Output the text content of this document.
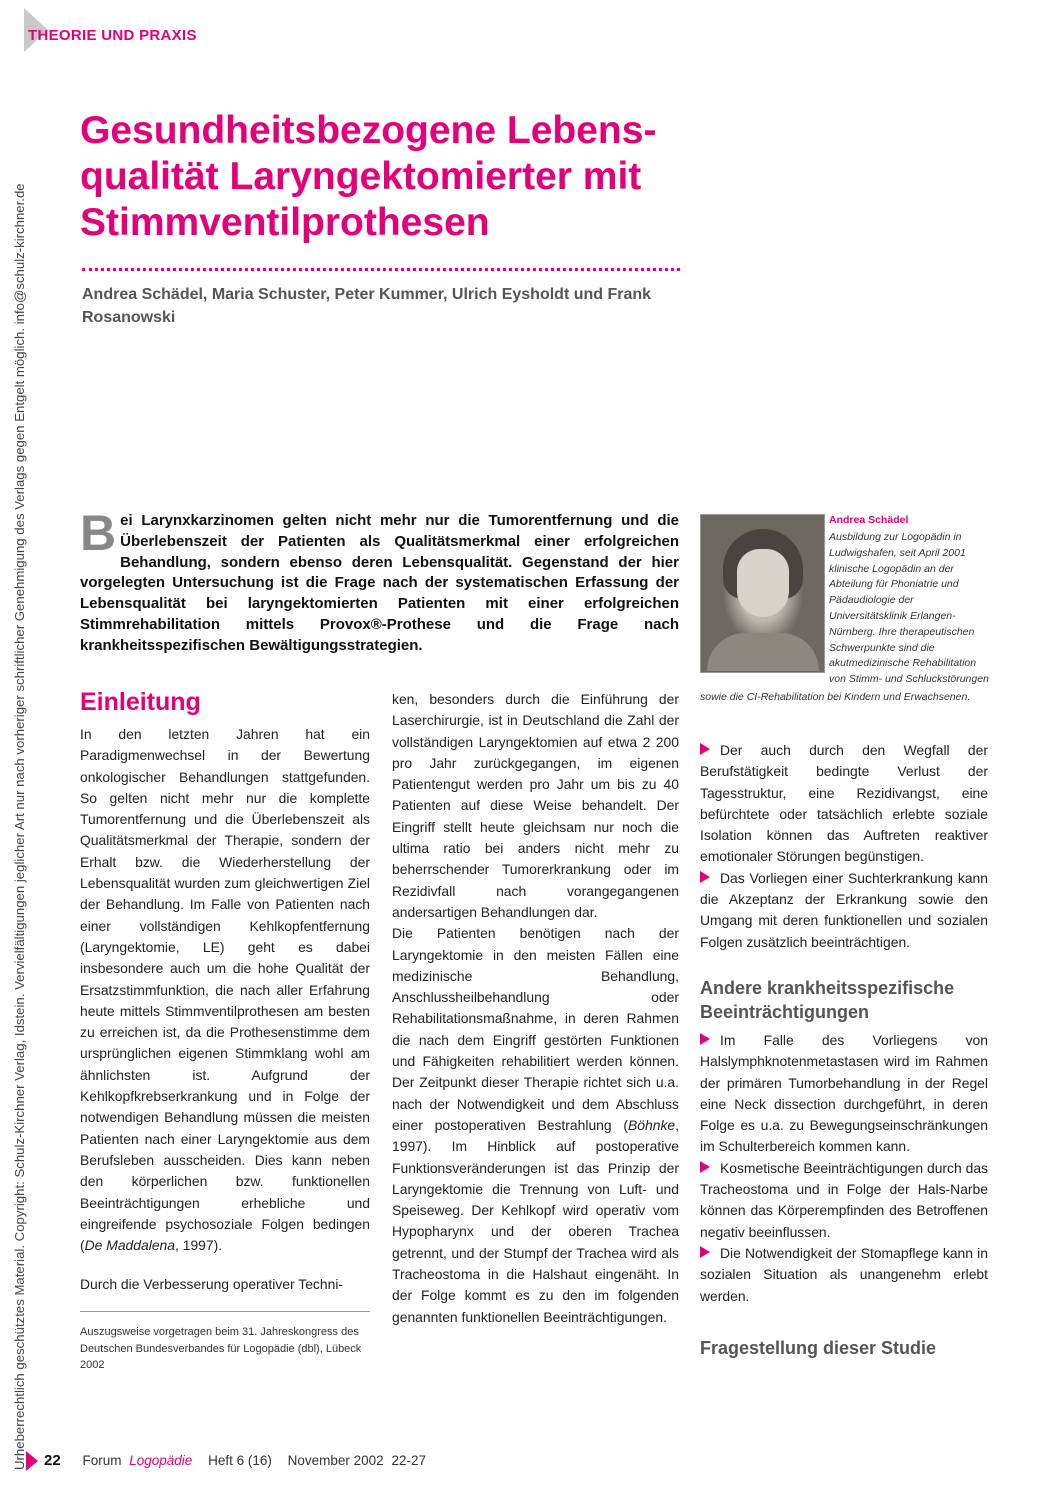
THEORIE UND PRAXIS
Urheberrechtlich geschütztes Material. Copyright: Schulz-Kirchner Verlag, Idstein. Vervielfältigungen jeglicher Art nur nach vorheriger schriftlicher Genehmigung des Verlags gegen Entgelt möglich. info@schulz-kirchner.de
Gesundheitsbezogene Lebensqualität Laryngektomierter mit Stimmventilprothesen
Andrea Schädel, Maria Schuster, Peter Kummer, Ulrich Eysholdt und Frank Rosanowski

Bei Larynxkarzinomen gelten nicht mehr nur die Tumorentfernung und die Überlebenszeit der Patienten als Qualitätsmerkmal einer erfolgreichen Behandlung, sondern ebenso deren Lebensqualität. Gegenstand der hier vorgelegten Untersuchung ist die Frage nach der systematischen Erfassung der Lebensqualität bei laryngektomierten Patienten mit einer erfolgreichen Stimmrehabilitation mittels Provox®-Prothese und die Frage nach krankheitsspezifischen Bewältigungsstrategien.

Andrea Schädel
Ausbildung zur Logopädin in Ludwigshafen, seit April 2001 klinische Logopädin an der Abteilung für Phoniatrie und Pädaudiologie der Universitätsklinik Erlangen-Nürnberg. Ihre therapeutischen Schwerpunkte sind die akutmedizinische Rehabilitation von Stimm- und Schluckstörungen
sowie die CI-Rehabilitation bei Kindern und Erwachsenen.
Einleitung

In den letzten Jahren hat ein Paradigmenwechsel in der Bewertung onkologischer Behandlungen stattgefunden. So gelten nicht mehr nur die komplette Tumorentfernung und die Überlebenszeit als Qualitätsmerkmal der Therapie, sondern der Erhalt bzw. die Wiederherstellung der Lebensqualität wurden zum gleichwertigen Ziel der Behandlung. Im Falle von Patienten nach einer vollständigen Kehlkopfentfernung (Laryngektomie, LE) geht es dabei insbesondere auch um die hohe Qualität der Ersatzstimmfunktion, die nach aller Erfahrung heute mittels Stimmventilprothesen am besten zu erreichen ist, da die Prothesenstimme dem ursprünglichen eigenen Stimmklang wohl am ähnlichsten ist. Aufgrund der Kehlkopfkrebserkrankung und in Folge der notwendigen Behandlung müssen die meisten Patienten nach einer Laryngektomie aus dem Berufsleben ausscheiden. Dies kann neben den körperlichen bzw. funktionellen Beeinträchtigungen erhebliche und eingreifende psychosoziale Folgen bedingen (De Maddalena, 1997).

Durch die Verbesserung operativer Techni-

ken, besonders durch die Einführung der Laserchirurgie, ist in Deutschland die Zahl der vollständigen Laryngektomien auf etwa 2 200 pro Jahr zurückgegangen, im eigenen Patientengut werden pro Jahr um bis zu 40 Patienten auf diese Weise behandelt. Der Eingriff stellt heute gleichsam nur noch die ultima ratio bei anders nicht mehr zu beherrschender Tumorerkrankung oder im Rezidivfall nach vorangegangenen andersartigen Behandlungen dar.

Die Patienten benötigen nach der Laryngektomie in den meisten Fällen eine medizinische Behandlung, Anschlussheilbehandlung oder Rehabilitationsmaßnahme, in deren Rahmen die nach dem Eingriff gestörten Funktionen und Fähigkeiten rehabilitiert werden können. Der Zeitpunkt dieser Therapie richtet sich u.a. nach der Notwendigkeit und dem Abschluss einer postoperativen Bestrahlung (Böhnke, 1997). Im Hinblick auf postoperative Funktionsveränderungen ist das Prinzip der Laryngektomie die Trennung von Luft- und Speiseweg. Der Kehlkopf wird operativ vom Hypopharynx und der oberen Trachea getrennt, und der Stumpf der Trachea wird als Tracheostoma in die Halshaut eingenäht. In der Folge kommt es zu den im folgenden genannten funktionellen Beeinträchtigungen.

Der auch durch den Wegfall der Berufstätigkeit bedingte Verlust der Tagesstruktur, eine Rezidivangst, eine befürchtete oder tatsächlich erlebte soziale Isolation können das Auftreten reaktiver emotionaler Störungen begünstigen.

Das Vorliegen einer Suchterkrankung kann die Akzeptanz der Erkrankung sowie den Umgang mit deren funktionellen und sozialen Folgen zusätzlich beeinträchtigen.

Andere krankheitsspezifische Beeinträchtigungen

Im Falle des Vorliegens von Halslymphknotenmetastasen wird im Rahmen der primären Tumorbehandlung in der Regel eine Neck dissection durchgeführt, in deren Folge es u.a. zu Bewegungseinschränkungen im Schulterbereich kommen kann.

Kosmetische Beeinträchtigungen durch das Tracheostoma und in Folge der Hals-Narbe können das Körperempfinden des Betroffenen negativ beeinflussen.

Die Notwendigkeit der Stomapflege kann in sozialen Situation als unangenehm erlebt werden.

Fragestellung dieser Studie
Auszugsweise vorgetragen beim 31. Jahreskongress des Deutschen Bundesverbandes für Logopädie (dbl), Lübeck 2002
22 Forum Logopädie Heft 6 (16) November 2002 22-27
